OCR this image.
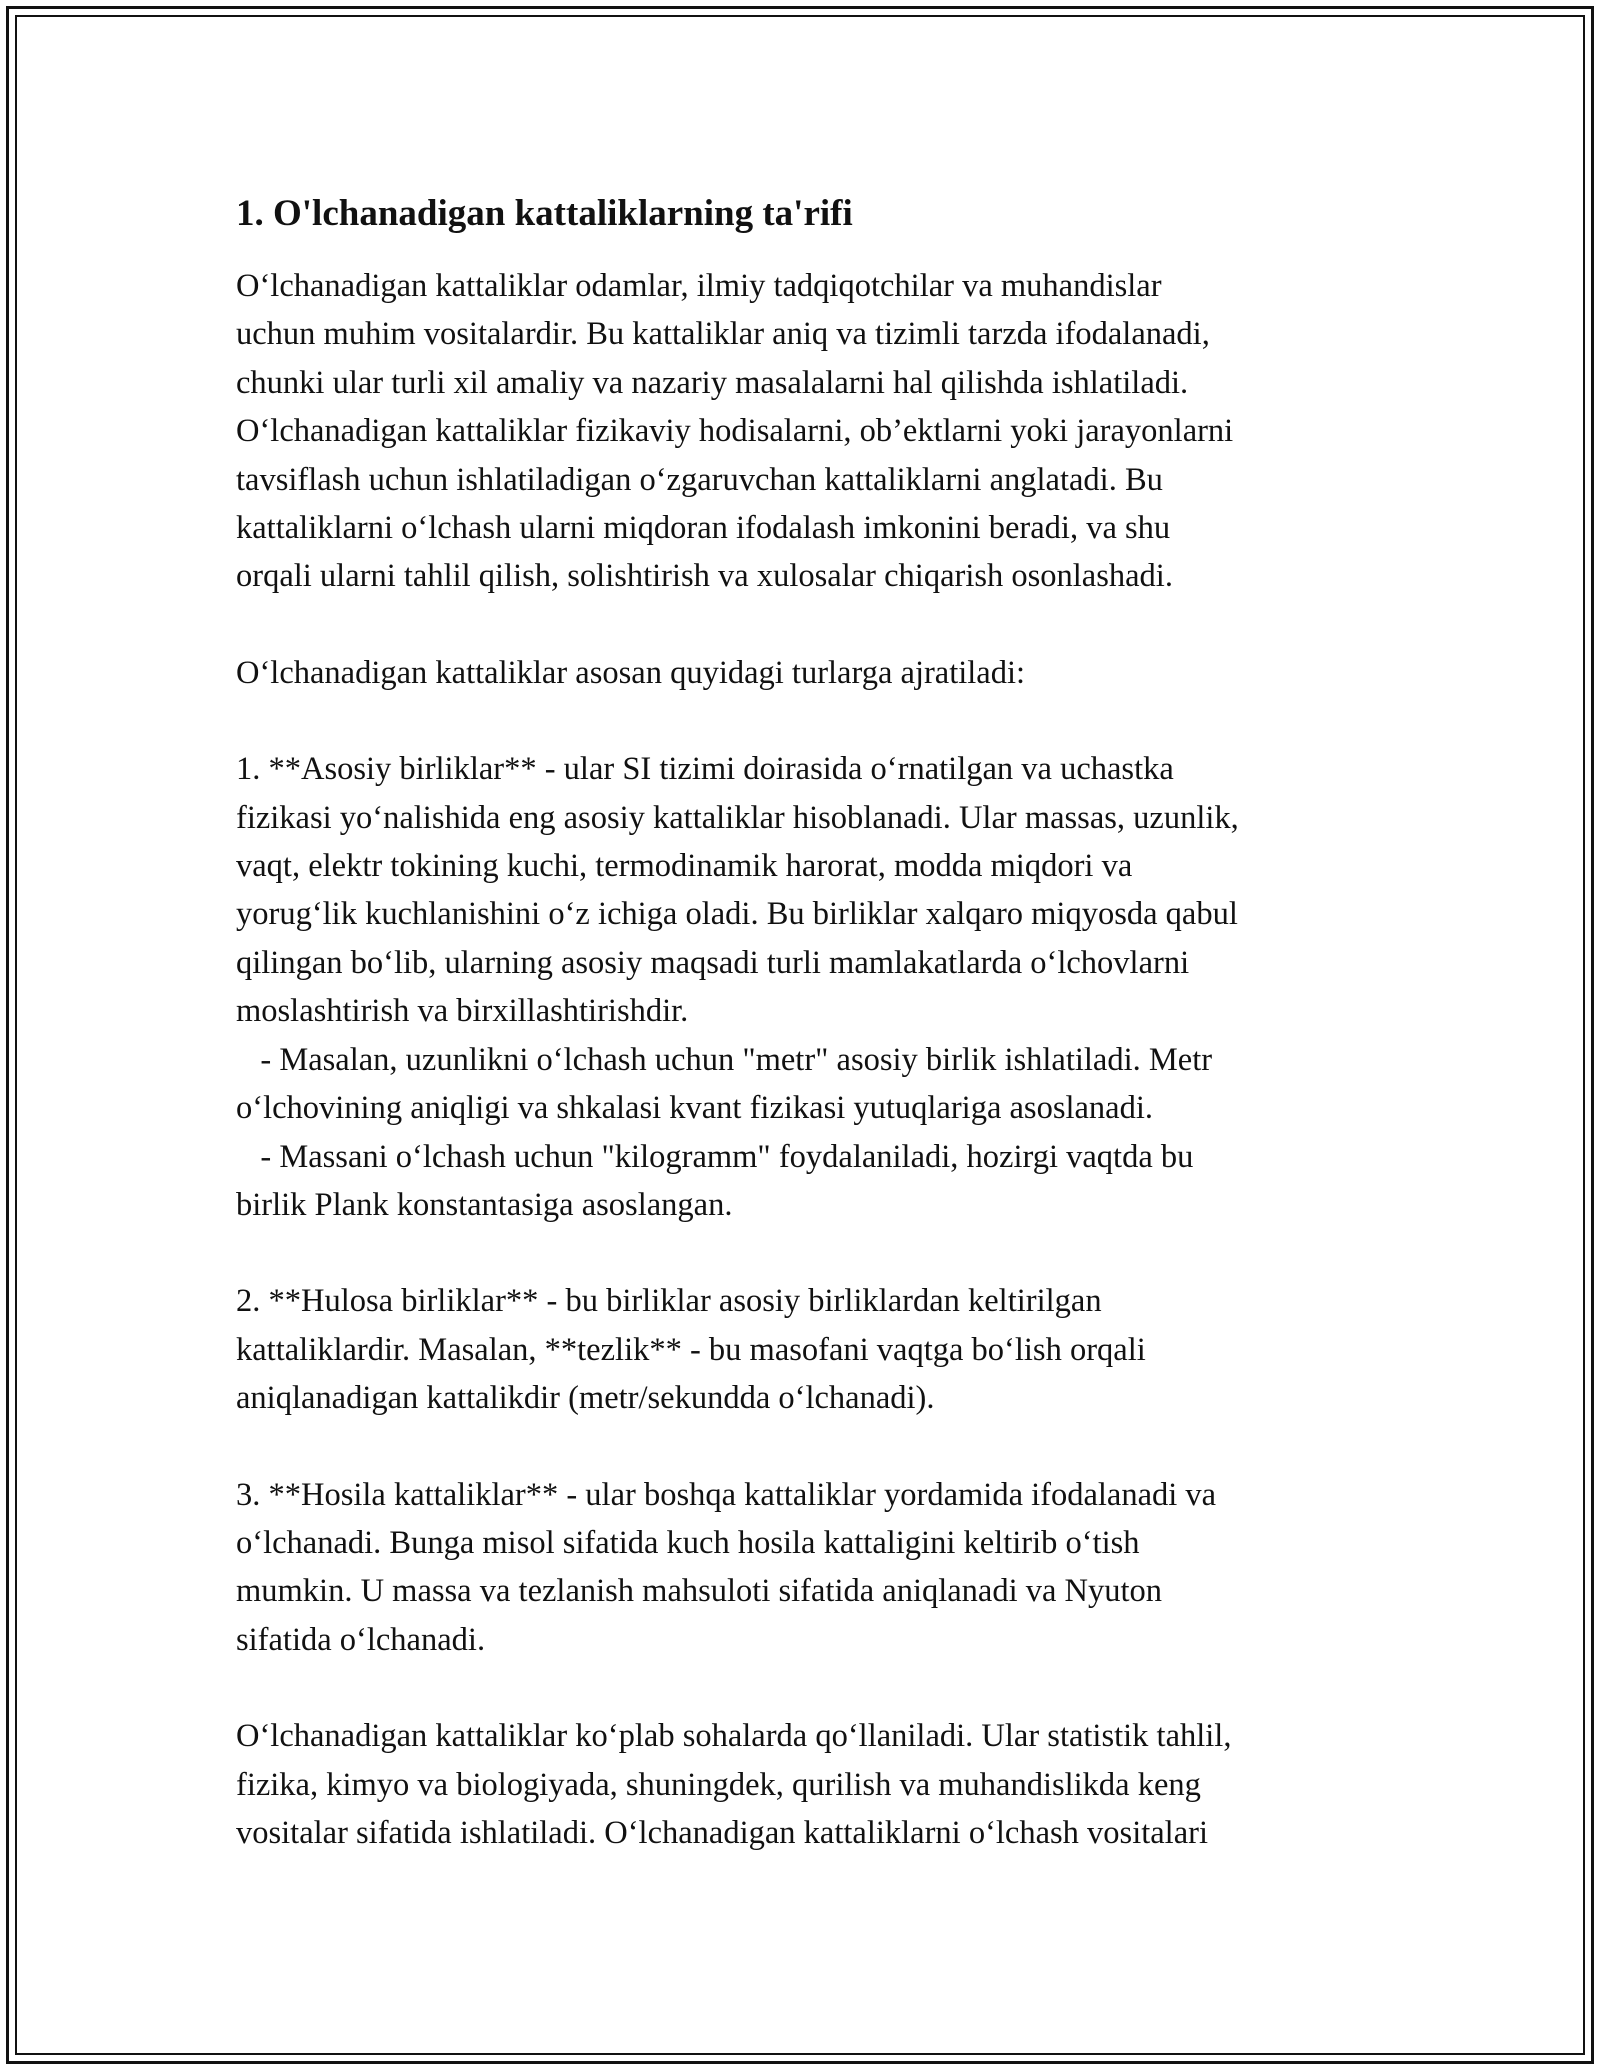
1. O'lchanadigan kattaliklarning ta'rifi

O‘lchanadigan kattaliklar odamlar, ilmiy tadqiqotchilar va muhandislar
uchun muhim vositalardir. Bu kattaliklar aniq va tizimli tarzda ifodalanadi,
chunki ular turli xil amaliy va nazariy masalalarni hal qilishda ishlatiladi.
O‘lchanadigan kattaliklar fizikaviy hodisalarni, ob’ektlarni yoki jarayonlarni
tavsiflash uchun ishlatiladigan o‘zgaruvchan kattaliklarni anglatadi. Bu
kattaliklarni o‘lchash ularni miqdoran ifodalash imkonini beradi, va shu
orqali ularni tahlil qilish, solishtirish va xulosalar chiqarish osonlashadi.

O‘lchanadigan kattaliklar asosan quyidagi turlarga ajratiladi:

1. **Asosiy birliklar** - ular SI tizimi doirasida o‘rnatilgan va uchastka
fizikasi yo‘nalishida eng asosiy kattaliklar hisoblanadi. Ular massas, uzunlik,
vaqt, elektr tokining kuchi, termodinamik harorat, modda miqdori va
yorug‘lik kuchlanishini o‘z ichiga oladi. Bu birliklar xalqaro miqyosda qabul
qilingan bo‘lib, ularning asosiy maqsadi turli mamlakatlarda o‘lchovlarni
moslashtirish va birxillashtirishdir.
- Masalan, uzunlikni o‘lchash uchun "metr" asosiy birlik ishlatiladi. Metr
o‘lchovining aniqligi va shkalasi kvant fizikasi yutuqlariga asoslanadi.
- Massani o‘lchash uchun "kilogramm" foydalaniladi, hozirgi vaqtda bu
birlik Plank konstantasiga asoslangan.

2. **Hulosa birliklar** - bu birliklar asosiy birliklardan keltirilgan
kattaliklardir. Masalan, **tezlik** - bu masofani vaqtga bo‘lish orqali
aniqlanadigan kattalikdir (metr/sekundda o‘lchanadi).

3. **Hosila kattaliklar** - ular boshqa kattaliklar yordamida ifodalanadi va
o‘lchanadi. Bunga misol sifatida kuch hosila kattaligini keltirib o‘tish
mumkin. U massa va tezlanish mahsuloti sifatida aniqlanadi va Nyuton
sifatida o‘lchanadi.

O‘lchanadigan kattaliklar ko‘plab sohalarda qo‘llaniladi. Ular statistik tahlil,
fizika, kimyo va biologiyada, shuningdek, qurilish va muhandislikda keng
vositalar sifatida ishlatiladi. O‘lchanadigan kattaliklarni o‘lchash vositalari
